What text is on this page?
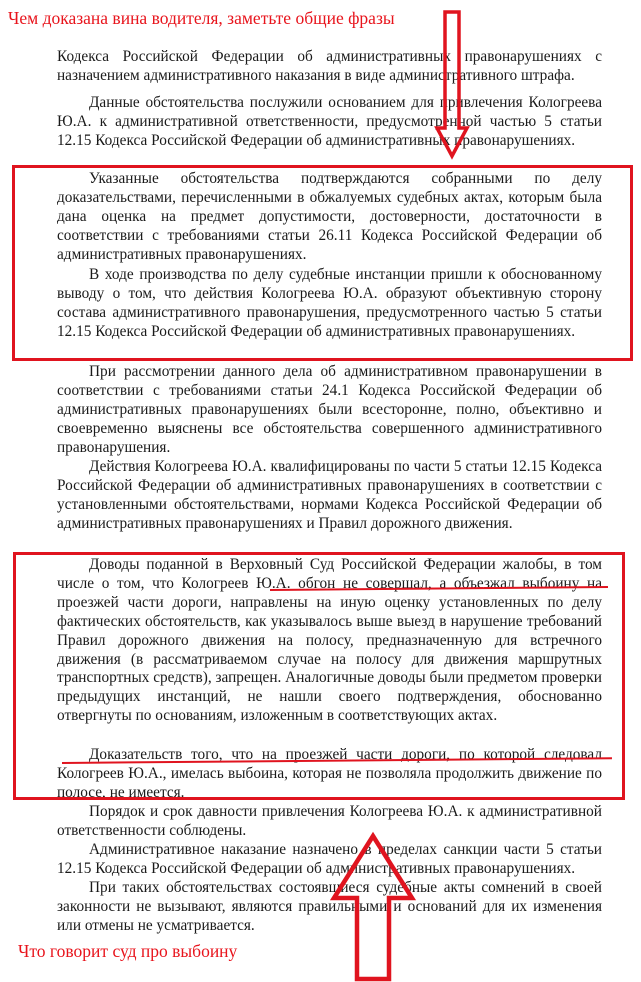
Чем доказана вина водителя, заметьте общие фразы

Кодекса Российской Федерации об административных правонарушениях с назначением административного наказания в виде административного штрафа.

Данные обстоятельства послужили основанием для привлечения Кологреева Ю.А. к административной ответственности, предусмотренной частью 5 статьи 12.15 Кодекса Российской Федерации об административных правонарушениях.

Указанные обстоятельства подтверждаются собранными по делу доказательствами, перечисленными в обжалуемых судебных актах, которым была дана оценка на предмет допустимости, достоверности, достаточности в соответствии с требованиями статьи 26.11 Кодекса Российской Федерации об административных правонарушениях.

В ходе производства по делу судебные инстанции пришли к обоснованному выводу о том, что действия Кологреева Ю.А. образуют объективную сторону состава административного правонарушения, предусмотренного частью 5 статьи 12.15 Кодекса Российской Федерации об административных правонарушениях.

При рассмотрении данного дела об административном правонарушении в соответствии с требованиями статьи 24.1 Кодекса Российской Федерации об административных правонарушениях были всесторонне, полно, объективно и своевременно выяснены все обстоятельства совершенного административного правонарушения.

Действия Кологреева Ю.А. квалифицированы по части 5 статьи 12.15 Кодекса Российской Федерации об административных правонарушениях в соответствии с установленными обстоятельствами, нормами Кодекса Российской Федерации об административных правонарушениях и Правил дорожного движения.

Доводы поданной в Верховный Суд Российской Федерации жалобы, в том числе о том, что Кологреев Ю.А. обгон не совершал, а объезжал выбоину на проезжей части дороги, направлены на иную оценку установленных по делу фактических обстоятельств, как указывалось выше выезд в нарушение требований Правил дорожного движения на полосу, предназначенную для встречного движения (в рассматриваемом случае на полосу для движения маршрутных транспортных средств), запрещен. Аналогичные доводы были предметом проверки предыдущих инстанций, не нашли своего подтверждения, обоснованно отвергнуты по основаниям, изложенным в соответствующих актах.

Доказательств того, что на проезжей части дороги, по которой следовал Кологреев Ю.А., имелась выбоина, которая не позволяла продолжить движение по полосе, не имеется.

Порядок и срок давности привлечения Кологреева Ю.А. к административной ответственности соблюдены.

Административное наказание назначено в пределах санкции части 5 статьи 12.15 Кодекса Российской Федерации об административных правонарушениях.

При таких обстоятельствах состоявшиеся судебные акты сомнений в своей законности не вызывают, являются правильными и оснований для их изменения или отмены не усматривается.

Что говорит суд про выбоину
